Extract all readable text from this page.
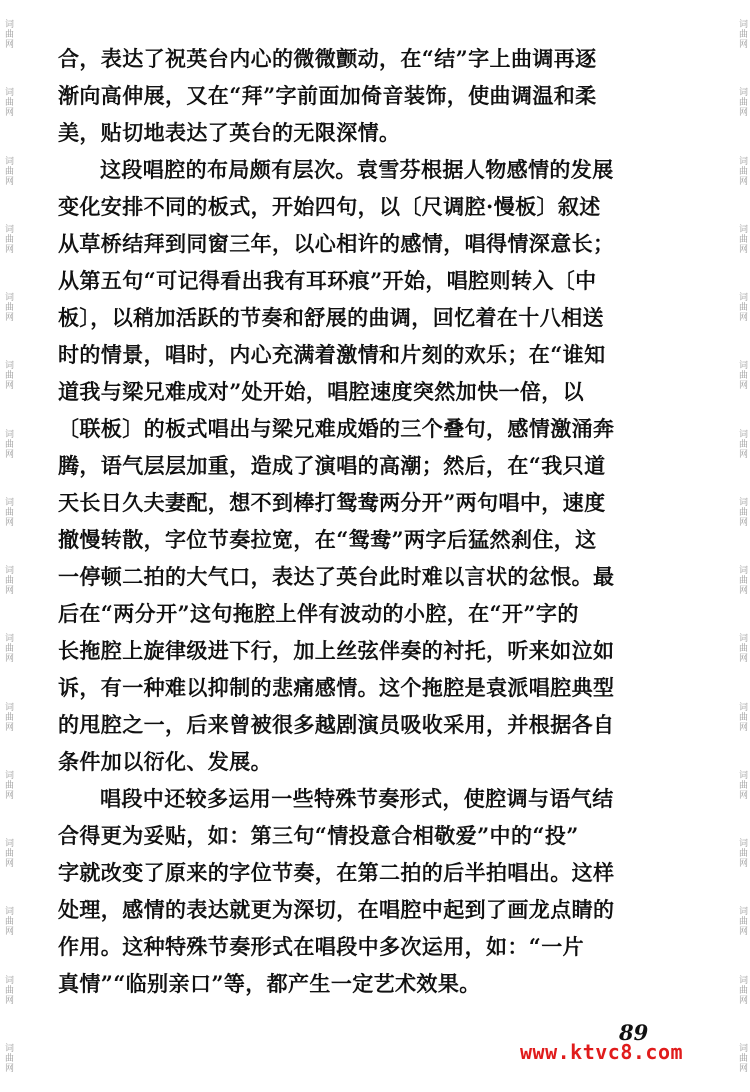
词曲网
词曲网
词曲网
词曲网
词曲网
词曲网
词曲网
词曲网
词曲网
词曲网
词曲网
词曲网
词曲网
词曲网
词曲网
词曲网
词曲网
词曲网
词曲网
词曲网
词曲网
词曲网
词曲网
词曲网
词曲网
词曲网
词曲网
词曲网
词曲网
词曲网
词曲网
词曲网
合，表达了祝英台内心的微微颤动，在“结”字上曲调再逐
渐向高伸展，又在“拜”字前面加倚音装饰，使曲调温和柔
美，贴切地表达了英台的无限深情。
这段唱腔的布局颇有层次。袁雪芬根据人物感情的发展
变化安排不同的板式，开始四句，以〔尺调腔·慢板〕叙述
从草桥结拜到同窗三年，以心相许的感情，唱得情深意长；
从第五句“可记得看出我有耳环痕”开始，唱腔则转入〔中
板〕，以稍加活跃的节奏和舒展的曲调，回忆着在十八相送
时的情景，唱时，内心充满着激情和片刻的欢乐；在“谁知
道我与梁兄难成对”处开始，唱腔速度突然加快一倍，以
〔联板〕的板式唱出与梁兄难成婚的三个叠句，感情激涌奔
腾，语气层层加重，造成了演唱的高潮；然后，在“我只道
天长日久夫妻配，想不到棒打鸳鸯两分开”两句唱中，速度
撤慢转散，字位节奏拉宽，在“鸳鸯”两字后猛然刹住，这
一停顿二拍的大气口，表达了英台此时难以言状的忿恨。最
后在“两分开”这句拖腔上伴有波动的小腔，在“开”字的
长拖腔上旋律级进下行，加上丝弦伴奏的衬托，听来如泣如
诉，有一种难以抑制的悲痛感情。这个拖腔是袁派唱腔典型
的甩腔之一，后来曾被很多越剧演员吸收采用，并根据各自
条件加以衍化、发展。
唱段中还较多运用一些特殊节奏形式，使腔调与语气结
合得更为妥贴，如：第三句“情投意合相敬爱”中的“投”
字就改变了原来的字位节奏，在第二拍的后半拍唱出。这样
处理，感情的表达就更为深切，在唱腔中起到了画龙点睛的
作用。这种特殊节奏形式在唱段中多次运用，如：“一片
真情”“临别亲口”等，都产生一定艺术效果。
89
www.ktvc8.com
